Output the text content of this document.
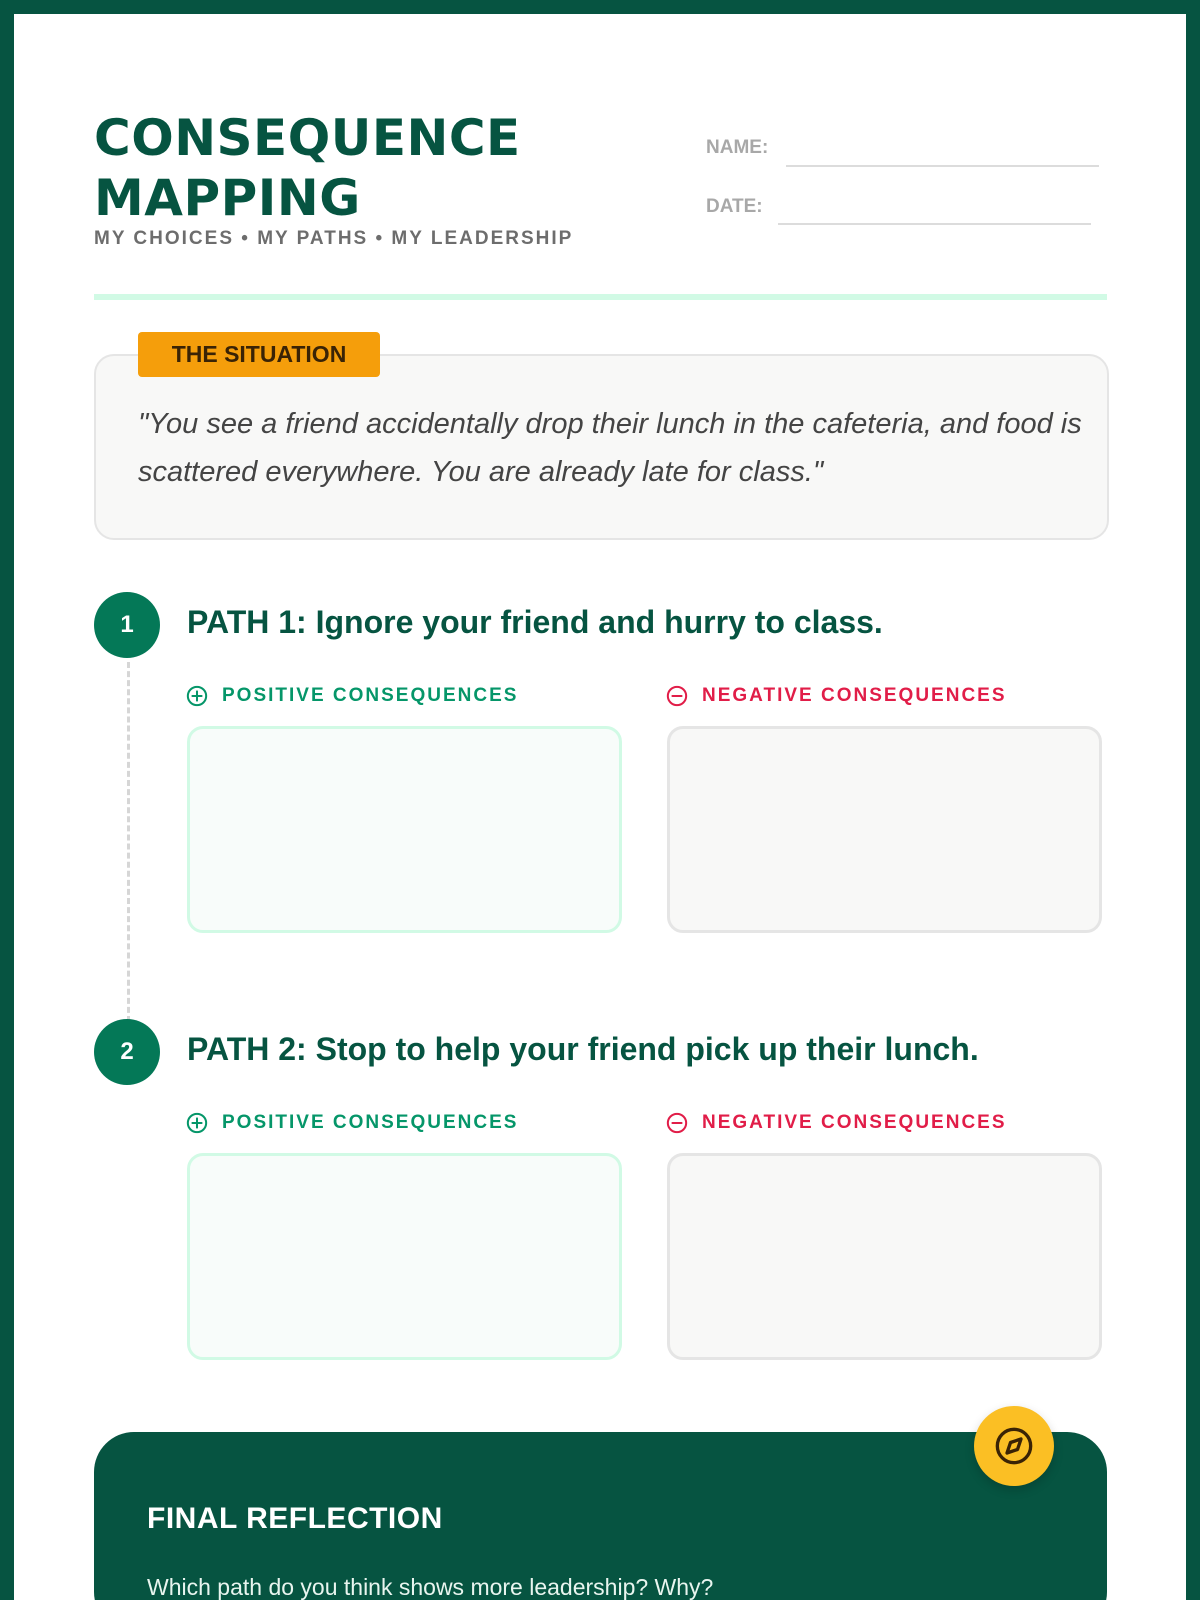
CONSEQUENCE
MAPPING
MY CHOICES • MY PATHS • MY LEADERSHIP
NAME:
DATE:
THE SITUATION

"You see a friend accidentally drop their lunch in the cafeteria, and food is scattered everywhere. You are already late for class."

1	PATH 1: Ignore your friend and hurry to class.
POSITIVE CONSEQUENCES	NEGATIVE CONSEQUENCES
2	PATH 2: Stop to help your friend pick up their lunch.
POSITIVE CONSEQUENCES	NEGATIVE CONSEQUENCES
FINAL REFLECTION
Which path do you think shows more leadership? Why?
